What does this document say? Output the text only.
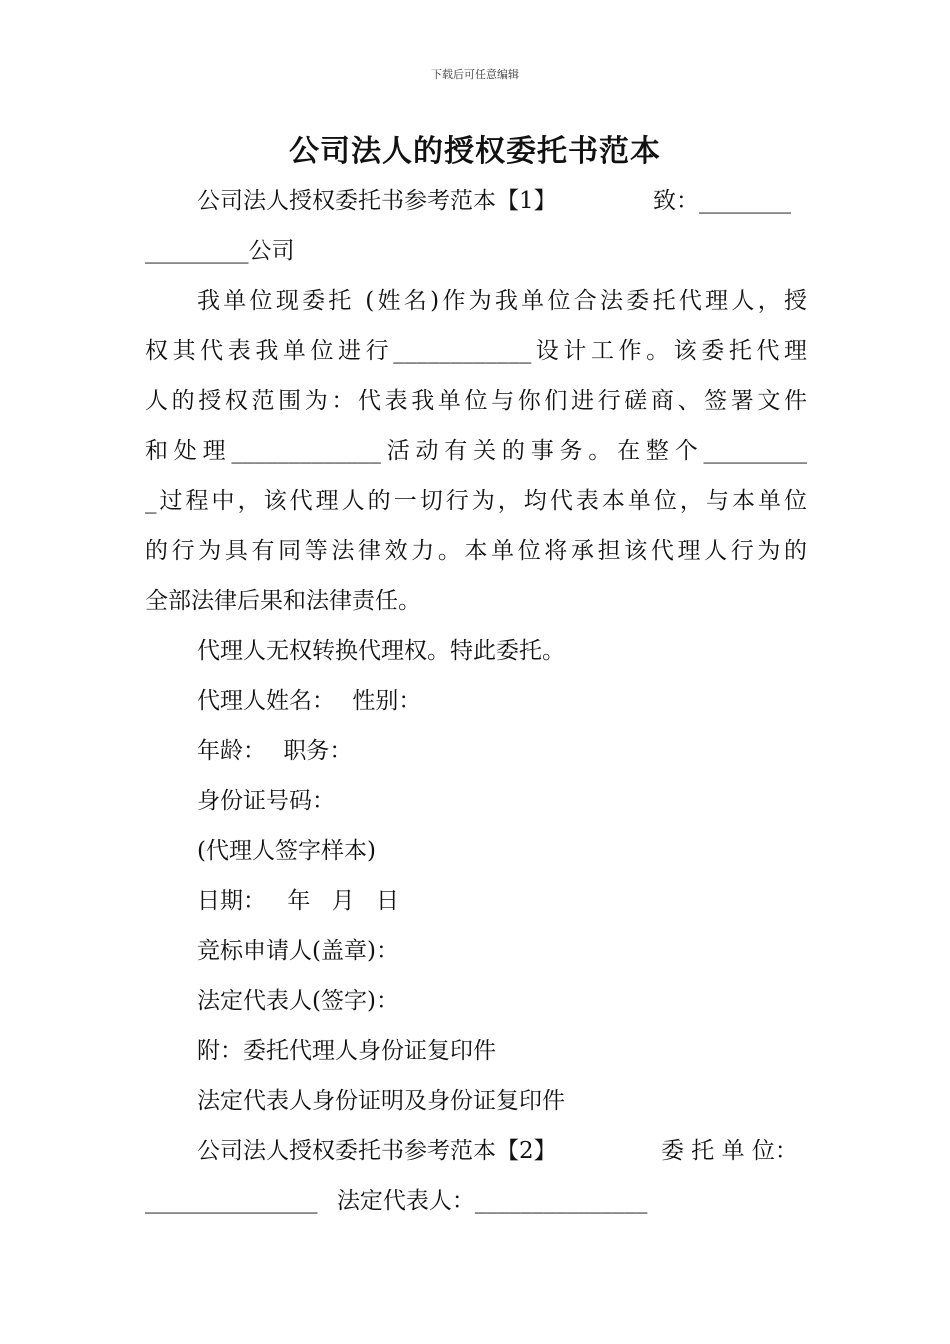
下载后可任意编辑
公司法人的授权委托书范本
公司法人授权委托书参考范本【1】	致：________
_________公司
我单位现委托 (姓名)作为我单位合法委托代理人，授
权其代表我单位进行____________设计工作。该委托代理
人的授权范围为：代表我单位与你们进行磋商、签署文件
和处理_____________活动有关的事务。在整个_________
_过程中，该代理人的一切行为，均代表本单位，与本单位
的行为具有同等法律效力。本单位将承担该代理人行为的
全部法律后果和法律责任。
代理人无权转换代理权。特此委托。
代理人姓名： 性别：
年龄： 职务：
身份证号码：
(代理人签字样本)
日期： 年 月 日
竞标申请人(盖章)：
法定代表人(签字)：
附：委托代理人身份证复印件
法定代表人身份证明及身份证复印件
公司法人授权委托书参考范本【2】	委 托 单 位：
_______________ 法定代表人：_______________
